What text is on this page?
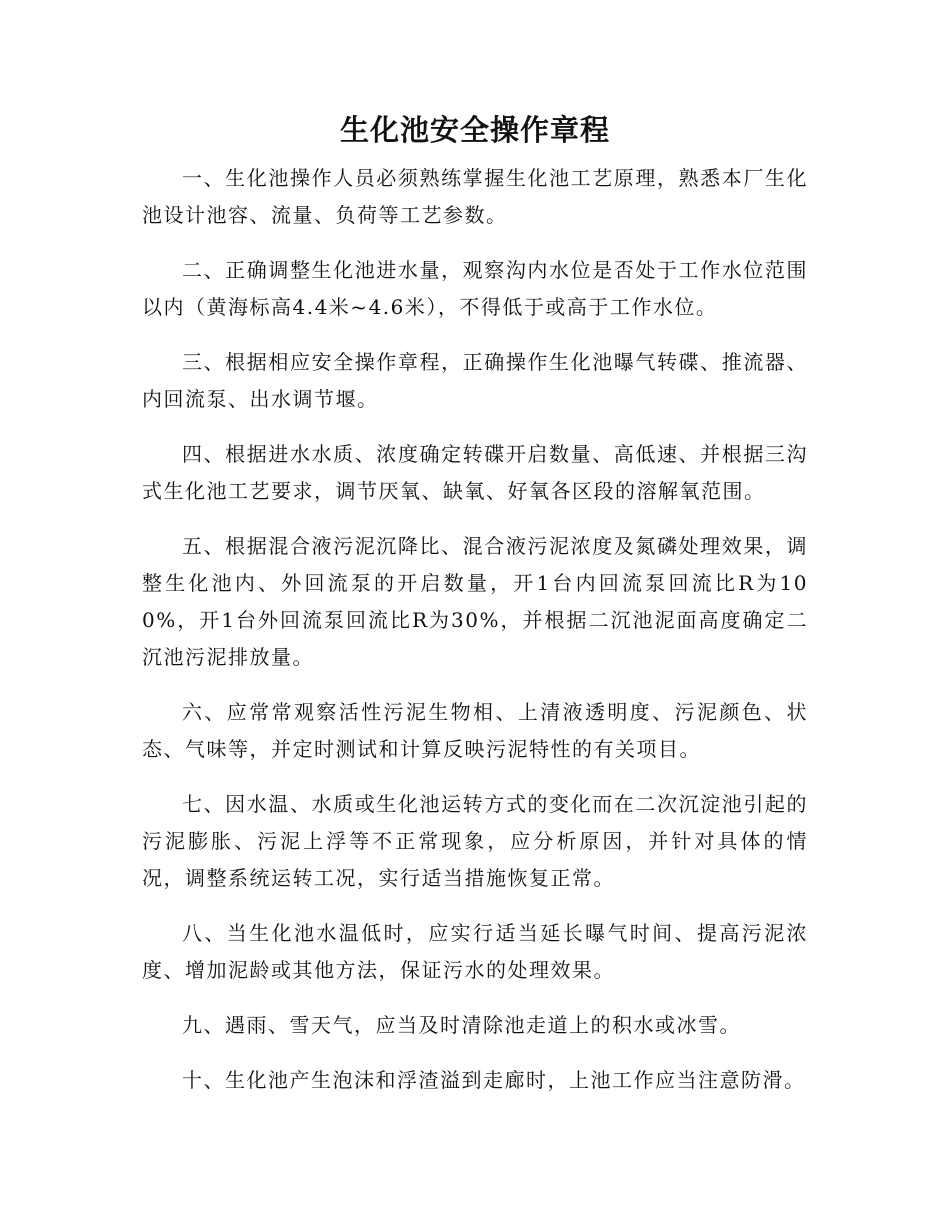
生化池安全操作章程

一、生化池操作人员必须熟练掌握生化池工艺原理，熟悉本厂生化池设计池容、流量、负荷等工艺参数。

二、正确调整生化池进水量，观察沟内水位是否处于工作水位范围以内（黄海标高4.4米~4.6米），不得低于或高于工作水位。

三、根据相应安全操作章程，正确操作生化池曝气转碟、推流器、内回流泵、出水调节堰。

四、根据进水水质、浓度确定转碟开启数量、高低速、并根据三沟式生化池工艺要求，调节厌氧、缺氧、好氧各区段的溶解氧范围。

五、根据混合液污泥沉降比、混合液污泥浓度及氮磷处理效果，调整生化池内、外回流泵的开启数量，开1台内回流泵回流比R为100%，开1台外回流泵回流比R为30%，并根据二沉池泥面高度确定二沉池污泥排放量。

六、应常常观察活性污泥生物相、上清液透明度、污泥颜色、状态、气味等，并定时测试和计算反映污泥特性的有关项目。

七、因水温、水质或生化池运转方式的变化而在二次沉淀池引起的污泥膨胀、污泥上浮等不正常现象，应分析原因，并针对具体的情况，调整系统运转工况，实行适当措施恢复正常。

八、当生化池水温低时，应实行适当延长曝气时间、提高污泥浓度、增加泥龄或其他方法，保证污水的处理效果。

九、遇雨、雪天气，应当及时清除池走道上的积水或冰雪。

十、生化池产生泡沫和浮渣溢到走廊时，上池工作应当注意防滑。
